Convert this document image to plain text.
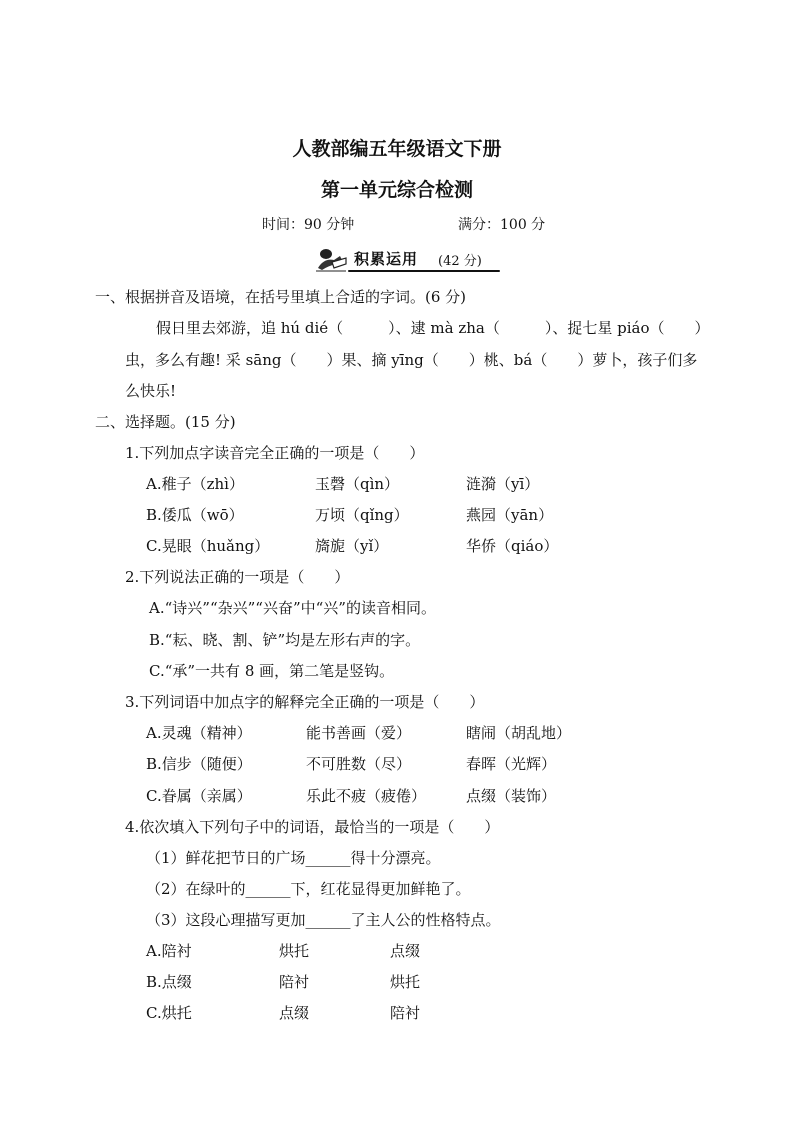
人教部编五年级语文下册
第一单元综合检测
时间：90 分钟	满分：100 分
积累运用 (42 分)
一、根据拼音及语境，在括号里填上合适的字词。(6 分)
假日里去郊游，追 hú dié（　　　）、逮 mà zha（　　　）、捉七星 piáo（　　）
虫，多么有趣! 采 sāng（　　）果、摘 yīng（　　）桃、bá（　　）萝卜，孩子们多
么快乐!
二、选择题。(15 分)
1.下列加点字读音完全正确的一项是（　　）
A.稚子（zhì）	玉磬（qìn）	涟漪（yī）
B.倭瓜（wō）	万顷（qǐng）	燕园（yān）
C.晃眼（huǎng）	旖旎（yǐ）	华侨（qiáo）
2.下列说法正确的一项是（　　）
A.“诗兴”“杂兴”“兴奋”中“兴”的读音相同。
B.“耘、晓、割、铲”均是左形右声的字。
C.“承”一共有 8 画，第二笔是竖钩。
3.下列词语中加点字的解释完全正确的一项是（　　）
A.灵魂（精神）	能书善画（爱）	瞎闹（胡乱地）
B.信步（随便）	不可胜数（尽）	春晖（光辉）
C.眷属（亲属）	乐此不疲（疲倦）	点缀（装饰）
4.依次填入下列句子中的词语，最恰当的一项是（　　）
（1）鲜花把节日的广场______得十分漂亮。
（2）在绿叶的______下，红花显得更加鲜艳了。
（3）这段心理描写更加______了主人公的性格特点。
A.陪衬	烘托	点缀
B.点缀	陪衬	烘托
C.烘托	点缀	陪衬
